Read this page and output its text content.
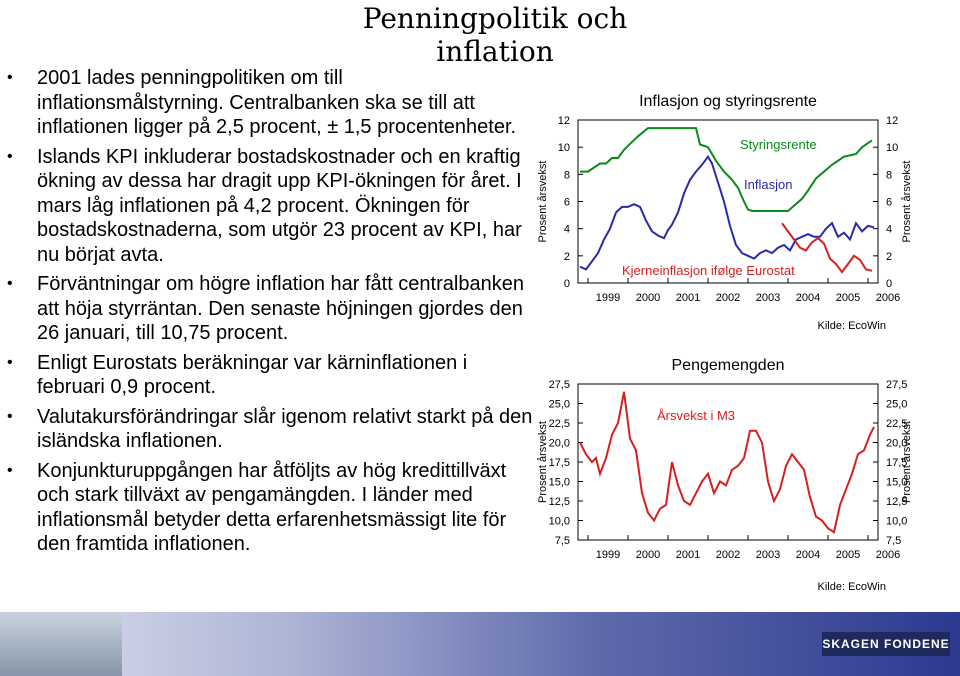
Penningpolitik och inflation
• 2001 lades penningpolitiken om till inflationsmålstyrning. Centralbanken ska se till att inflationen ligger på 2,5 procent, ± 1,5 procentenheter.
• Islands KPI inkluderar bostadskostnader och en kraftig ökning av dessa har dragit upp KPI-ökningen för året. I mars låg inflationen på 4,2 procent. Ökningen för bostadskostnaderna, som utgör 23 procent av KPI, har nu börjat avta.
• Förväntningar om högre inflation har fått centralbanken att höja styrräntan. Den senaste höjningen gjordes den 26 januari, till 10,75 procent.
• Enligt Eurostats beräkningar var kärninflationen i februari 0,9 procent.
• Valutakursförändringar slår igenom relativt starkt på den isländska inflationen.
• Konjunkturuppgången har åtföljts av hög kredittillväxt och stark tillväxt av pengamängden. I länder med inflationsmål betyder detta erfarenhetsmässigt lite för den framtida inflationen.
Inflasjon og styringsrente
0	0
2	2
4	4
6	6
8	8
10	10
12	12
1999 2000 2001 2002 2003 2004 2005 2006
Prosent årsvekst	Prosent årsvekst
Styringsrente
Inflasjon
Kjerneinflasjon ifølge Eurostat
Kilde: EcoWin
Pengemengden
7,5	7,5
10,0	10,0
12,5	12,5
15,0	15,0
17,5	17,5
20,0	20,0
22,5	22,5
25,0	25,0
27,5	27,5
1999 2000 2001 2002 2003 2004 2005 2006
Prosent årsvekst	Prosent årsvekst
Årsvekst i M3
Kilde: EcoWin
SKAGEN FONDENE
